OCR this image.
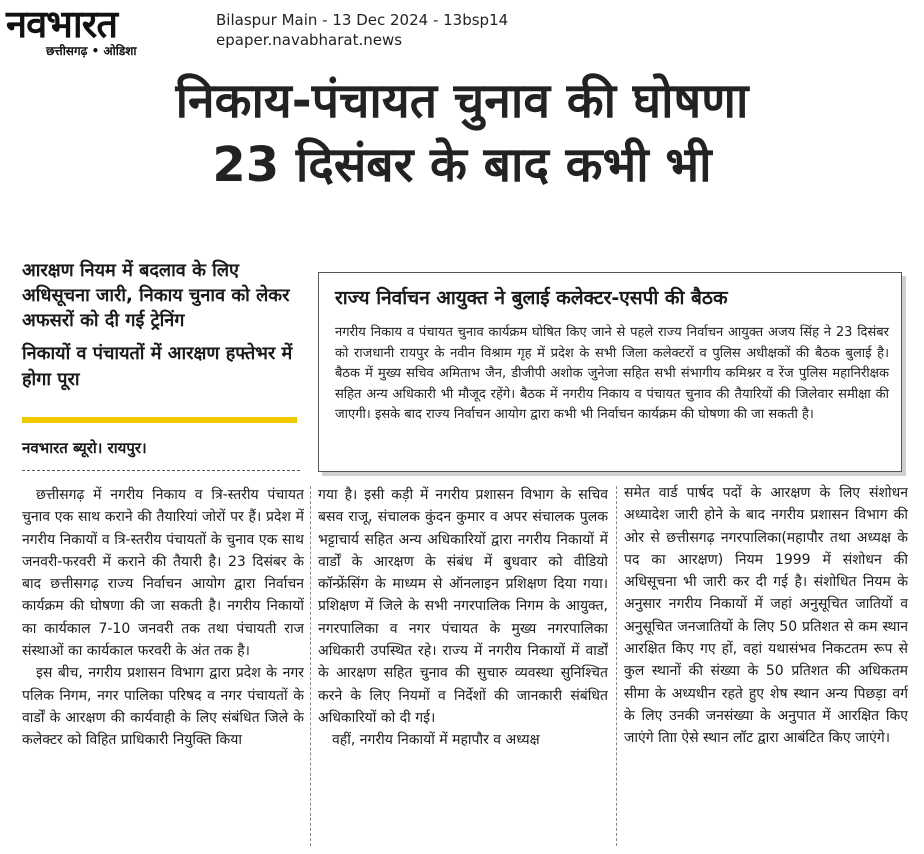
नवभारत
छत्तीसगढ़ • ओडिशा
Bilaspur Main - 13 Dec 2024 - 13bsp14
epaper.navabharat.news
निकाय-पंचायत चुनाव की घोषणा
23 दिसंबर के बाद कभी भी
आरक्षण नियम में बदलाव के लिए अधिसूचना जारी, निकाय चुनाव को लेकर अफसरों को दी गई ट्रेनिंग
निकायों व पंचायतों में आरक्षण हफ्तेभर में होगा पूरा
नवभारत ब्यूरो। रायपुर।
राज्य निर्वाचन आयुक्त ने बुलाई कलेक्टर-एसपी की बैठक
नगरीय निकाय व पंचायत चुनाव कार्यक्रम घोषित किए जाने से पहले राज्य निर्वाचन आयुक्त अजय सिंह ने 23 दिसंबर को राजधानी रायपुर के नवीन विश्राम गृह में प्रदेश के सभी जिला कलेक्टरों व पुलिस अधीक्षकों की बैठक बुलाई है। बैठक में मुख्य सचिव अमिताभ जैन, डीजीपी अशोक जुनेजा सहित सभी संभागीय कमिश्नर व रेंज पुलिस महानिरीक्षक सहित अन्य अधिकारी भी मौजूद रहेंगे। बैठक में नगरीय निकाय व पंचायत चुनाव की तैयारियों की जिलेवार समीक्षा की जाएगी। इसके बाद राज्य निर्वाचन आयोग द्वारा कभी भी निर्वाचन कार्यक्रम की घोषणा की जा सकती है।

छत्तीसगढ़ में नगरीय निकाय व त्रि-स्तरीय पंचायत चुनाव एक साथ कराने की तैयारियां जोरों पर हैं। प्रदेश में नगरीय निकायों व त्रि-स्तरीय पंचायतों के चुनाव एक साथ जनवरी-फरवरी में कराने की तैयारी है। 23 दिसंबर के बाद छत्तीसगढ़ राज्य निर्वाचन आयोग द्वारा निर्वाचन कार्यक्रम की घोषणा की जा सकती है। नगरीय निकायों का कार्यकाल 7-10 जनवरी तक तथा पंचायती राज संस्थाओं का कार्यकाल फरवरी के अंत तक है।

इस बीच, नगरीय प्रशासन विभाग द्वारा प्रदेश के नगर पलिक निगम, नगर पालिका परिषद व नगर पंचायतों के वार्डों के आरक्षण की कार्यवाही के लिए संबंधित जिले के कलेक्टर को विहित प्राधिकारी नियुक्ति किया

गया है। इसी कड़ी में नगरीय प्रशासन विभाग के सचिव बसव राजू, संचालक कुंदन कुमार व अपर संचालक पुलक भट्टाचार्य सहित अन्य अधिकारियों द्वारा नगरीय निकायों में वार्डों के आरक्षण के संबंध में बुधवार को वीडियो कॉन्फ्रेंसिंग के माध्यम से ऑनलाइन प्रशिक्षण दिया गया। प्रशिक्षण में जिले के सभी नगरपालिक निगम के आयुक्त, नगरपालिका व नगर पंचायत के मुख्य नगरपालिका अधिकारी उपस्थित रहे। राज्य में नगरीय निकायों में वार्डों के आरक्षण सहित चुनाव की सुचारु व्यवस्था सुनिश्चित करने के लिए नियमों व निर्देशों की जानकारी संबंधित अधिकारियों को दी गई।

वहीं, नगरीय निकायों में महापौर व अध्यक्ष

समेत वार्ड पार्षद पदों के आरक्षण के लिए संशोधन अध्यादेश जारी होने के बाद नगरीय प्रशासन विभाग की ओर से छत्तीसगढ़ नगरपालिका(महापौर तथा अध्यक्ष के पद का आरक्षण) नियम 1999 में संशोधन की अधिसूचना भी जारी कर दी गई है। संशोधित नियम के अनुसार नगरीय निकायों में जहां अनुसूचित जातियों व अनुसूचित जनजातियों के लिए 50 प्रतिशत से कम स्थान आरक्षित किए गए हों, वहां यथासंभव निकटतम रूप से कुल स्थानों की संख्या के 50 प्रतिशत की अधिकतम सीमा के अध्यधीन रहते हुए शेष स्थान अन्य पिछड़ा वर्ग के लिए उनकी जनसंख्या के अनुपात में आरक्षित किए जाएंगे तिाा ऐसे स्थान लॉट द्वारा आबंटित किए जाएंगे।
